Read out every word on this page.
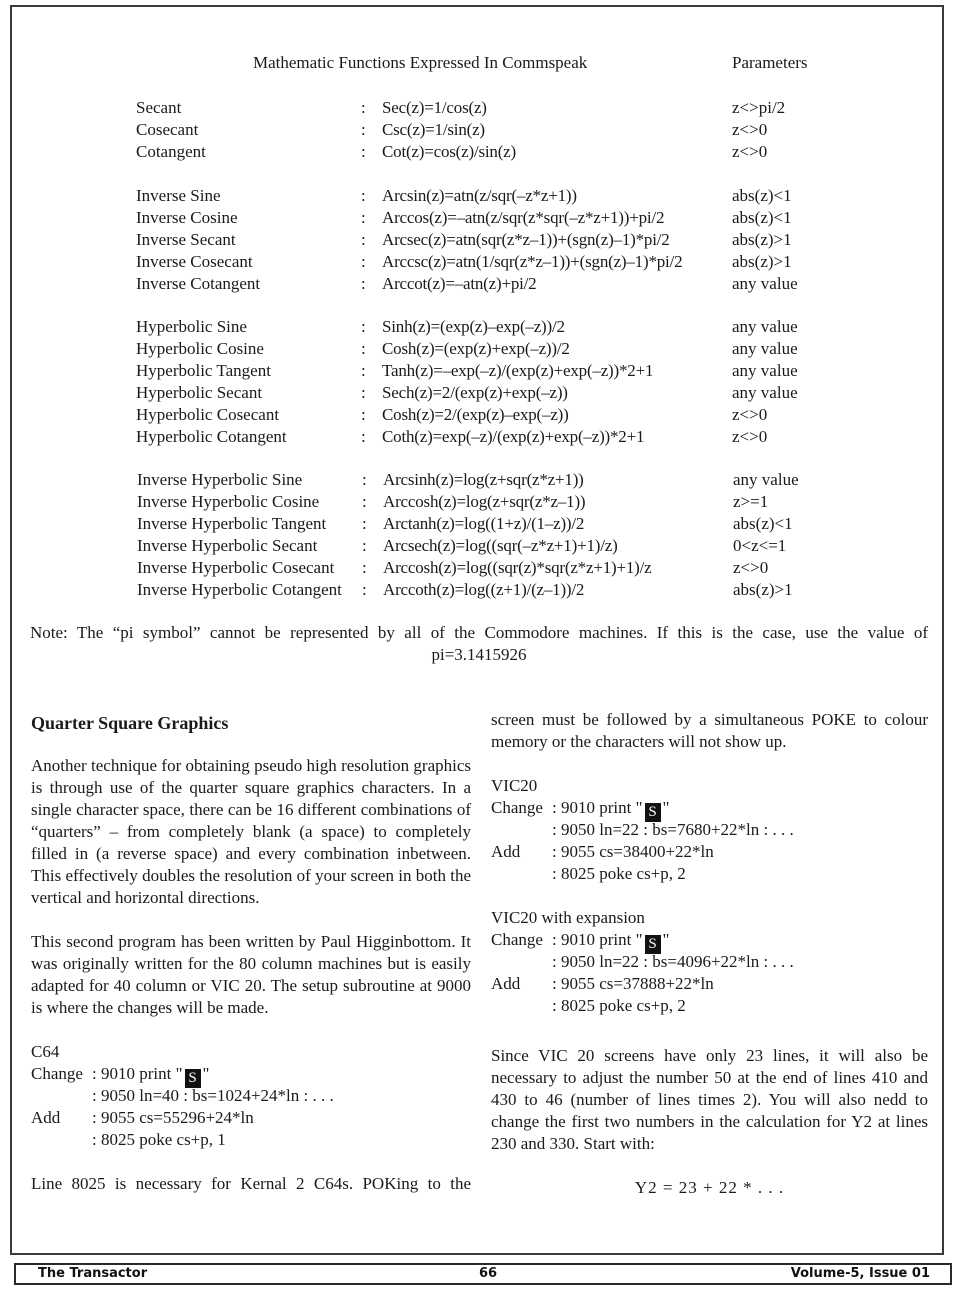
Mathematic Functions Expressed In Commspeak	Parameters
Secant	: Sec(z)=1/cos(z)	z<>pi/2
Cosecant	: Csc(z)=1/sin(z)	z<>0
Cotangent	: Cot(z)=cos(z)/sin(z)	z<>0
Inverse Sine	: Arcsin(z)=atn(z/sqr(–z*z+1))	abs(z)<1
Inverse Cosine	: Arccos(z)=–atn(z/sqr(z*sqr(–z*z+1))+pi/2	abs(z)<1
Inverse Secant	: Arcsec(z)=atn(sqr(z*z–1))+(sgn(z)–1)*pi/2	abs(z)>1
Inverse Cosecant	: Arccsc(z)=atn(1/sqr(z*z–1))+(sgn(z)–1)*pi/2	abs(z)>1
Inverse Cotangent	: Arccot(z)=–atn(z)+pi/2	any value
Hyperbolic Sine	: Sinh(z)=(exp(z)–exp(–z))/2	any value
Hyperbolic Cosine	: Cosh(z)=(exp(z)+exp(–z))/2	any value
Hyperbolic Tangent	: Tanh(z)=–exp(–z)/(exp(z)+exp(–z))*2+1	any value
Hyperbolic Secant	: Sech(z)=2/(exp(z)+exp(–z))	any value
Hyperbolic Cosecant	: Cosh(z)=2/(exp(z)–exp(–z))	z<>0
Hyperbolic Cotangent	: Coth(z)=exp(–z)/(exp(z)+exp(–z))*2+1	z<>0
Inverse Hyperbolic Sine	: Arcsinh(z)=log(z+sqr(z*z+1))	any value
Inverse Hyperbolic Cosine	: Arccosh(z)=log(z+sqr(z*z–1))	z>=1
Inverse Hyperbolic Tangent : Arctanh(z)=log((1+z)/(1–z))/2	abs(z)<1
Inverse Hyperbolic Secant	: Arcsech(z)=log((sqr(–z*z+1)+1)/z)	0<z<=1
Inverse Hyperbolic Cosecant : Arccosh(z)=log((sqr(z)*sqr(z*z+1)+1)/z	z<>0
Inverse Hyperbolic Cotangent : Arccoth(z)=log((z+1)/(z–1))/2	abs(z)>1
Note: The “pi symbol” cannot be represented by all of the Commodore machines. If this is the case, use the value of
pi=3.1415926
Quarter Square Graphics
Another technique for obtaining pseudo high resolution graphics is through use of the quarter square graphics characters. In a single character space, there can be 16 different combinations of “quarters” – from completely blank (a space) to completely filled in (a reverse space) and every combination inbetween. This effectively doubles the resolution of your screen in both the vertical and horizontal directions.
This second program has been written by Paul Higginbottom. It was originally written for the 80 column machines but is easily adapted for 40 column or VIC 20. The setup subroutine at 9000 is where the changes will be made.
C64
Change : 9010 print " S "
: 9050 ln=40 : bs=1024+24*ln : . . .
Add : 9055 cs=55296+24*ln
: 8025 poke cs+p, 1
Line 8025 is necessary for Kernal 2 C64s. POKing to the
screen must be followed by a simultaneous POKE to colour memory or the characters will not show up.
VIC20
Change : 9010 print " S "
: 9050 ln=22 : bs=7680+22*ln : . . .
Add : 9055 cs=38400+22*ln
: 8025 poke cs+p, 2
VIC20 with expansion
Change : 9010 print " S "
: 9050 ln=22 : bs=4096+22*ln : . . .
Add : 9055 cs=37888+22*ln
: 8025 poke cs+p, 2
Since VIC 20 screens have only 23 lines, it will also be necessary to adjust the number 50 at the end of lines 410 and 430 to 46 (number of lines times 2). You will also nedd to change the first two numbers in the calculation for Y2 at lines 230 and 330. Start with:
Y2 = 23 + 22 * . . .
The Transactor	66	Volume-5, Issue 01
